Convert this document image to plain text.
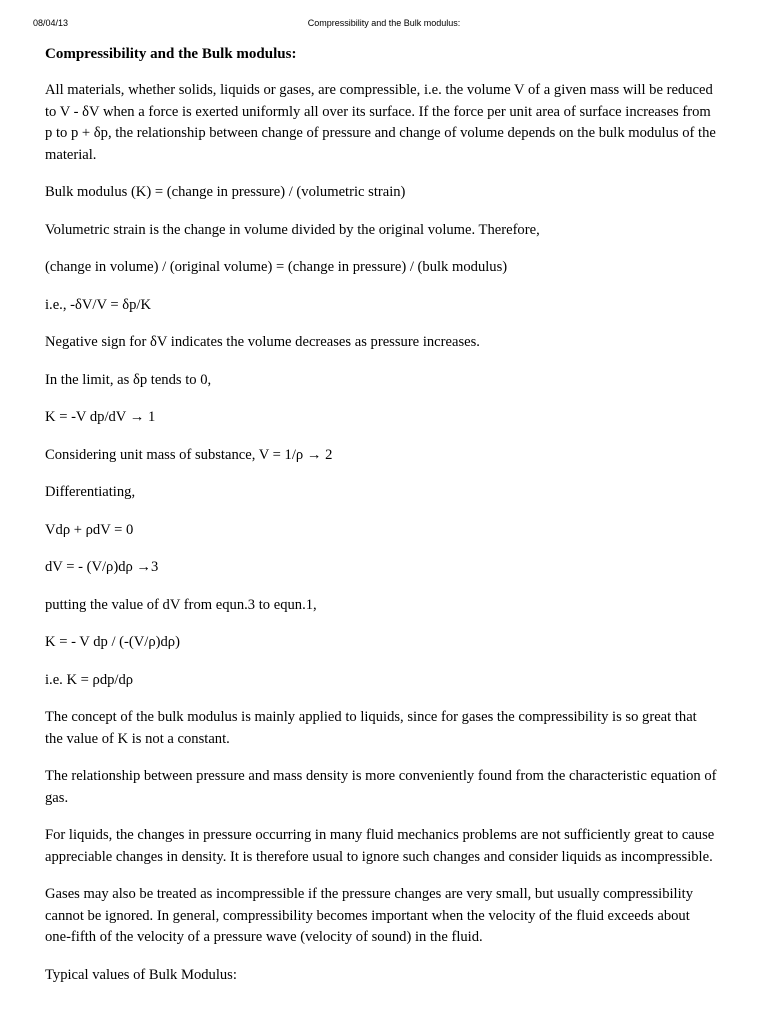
08/04/13	Compressibility and the Bulk modulus:
Compressibility and the Bulk modulus:

All materials, whether solids, liquids or gases, are compressible, i.e. the volume V of a given mass will be reduced to V - δV when a force is exerted uniformly all over its surface. If the force per unit area of surface increases from p to p + δp, the relationship between change of pressure and change of volume depends on the bulk modulus of the material.

Bulk modulus (K) = (change in pressure) / (volumetric strain)

Volumetric strain is the change in volume divided by the original volume. Therefore,

(change in volume) / (original volume) = (change in pressure) / (bulk modulus)

i.e., -δV/V = δp/K

Negative sign for δV indicates the volume decreases as pressure increases.

In the limit, as δp tends to 0,

K = -V dp/dV → 1

Considering unit mass of substance, V = 1/ρ → 2

Differentiating,

Vdρ + ρdV = 0

dV = - (V/ρ)dρ →3

putting the value of dV from equn.3 to equn.1,

K = - V dp / (-(V/ρ)dρ)

i.e. K = ρdp/dρ

The concept of the bulk modulus is mainly applied to liquids, since for gases the compressibility is so great that the value of K is not a constant.

The relationship between pressure and mass density is more conveniently found from the characteristic equation of gas.

For liquids, the changes in pressure occurring in many fluid mechanics problems are not sufficiently great to cause appreciable changes in density. It is therefore usual to ignore such changes and consider liquids as incompressible.

Gases may also be treated as incompressible if the pressure changes are very small, but usually compressibility cannot be ignored. In general, compressibility becomes important when the velocity of the fluid exceeds about one-fifth of the velocity of a pressure wave (velocity of sound) in the fluid.

Typical values of Bulk Modulus:
